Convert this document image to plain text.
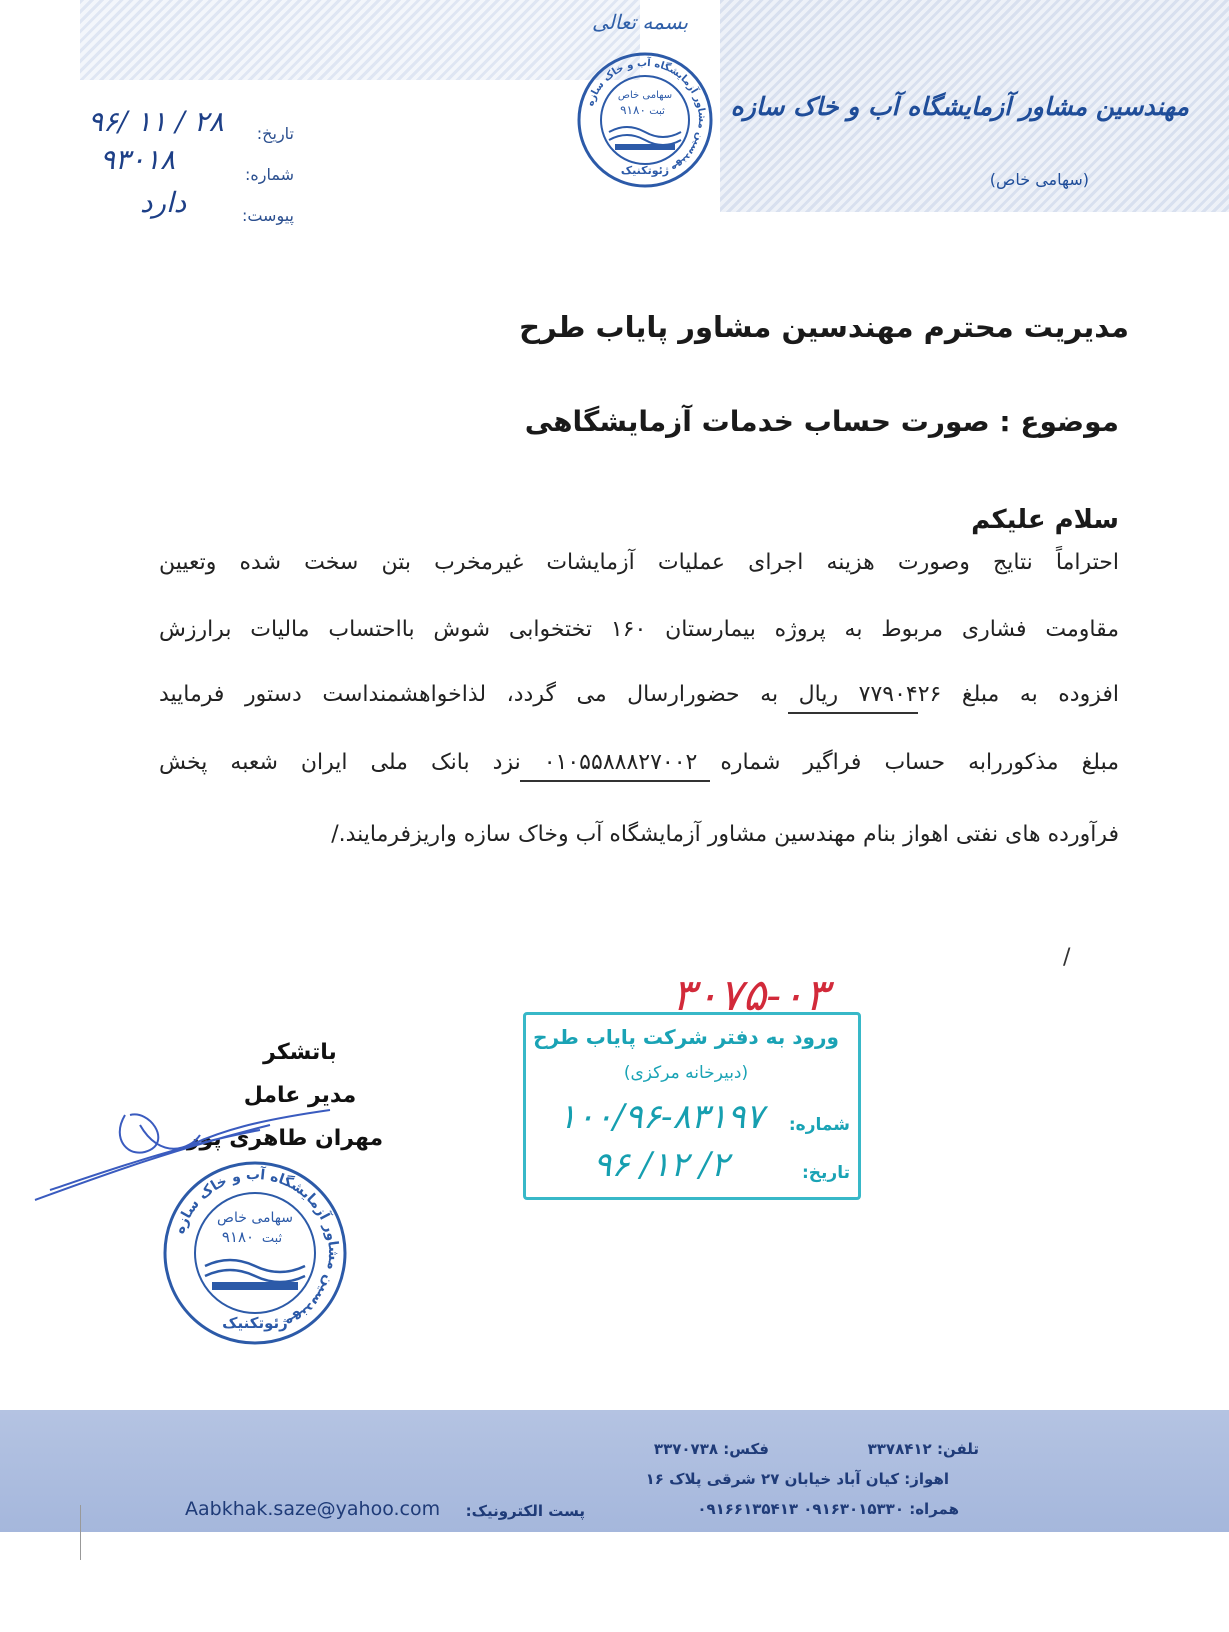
بسمه تعالی
مهندسین مشاور آزمایشگاه آب و خاک سازه
(سهامی خاص)
مهندسین مشاور آزمایشگاه آب و خاک سازه
سهامی خاص
ثبت
۹۱۸۰
ژئوتکنیک
تاریخ:
۹۶/ ۱۱ / ۲۸
شماره:
۹۳۰۱۸
پیوست:
دارد
مدیریت محترم مهندسین مشاور پایاب طرح
موضوع : صورت حساب خدمات آزمایشگاهی
سلام علیکم
احتراماً نتایج وصورت هزینه اجرای عملیات آزمایشات غیرمخرب بتن سخت شده وتعیین
مقاومت فشاری مربوط به پروژه بیمارستان ۱۶۰ تختخوابی شوش بااحتساب مالیات برارزش
افزوده به مبلغ ۷۷۹۰۴۲۶ ریال به حضورارسال می گردد، لذاخواهشمنداست دستور فرمایید
مبلغ مذکوررابه حساب فراگیر شماره ۰۱۰۵۵۸۸۸۲۷۰۰۲ نزد بانک ملی ایران شعبه پخش
فرآورده های نفتی اهواز بنام مهندسین مشاور آزمایشگاه آب وخاک سازه واریزفرمایند./
/
باتشکر
مدیر عامل
مهران طاهری پور
مهندسین مشاور آزمایشگاه آب و خاک سازه
سهامی خاص
ثبت
۹۱۸۰
ژئوتکنیک
۳۰۷۵-۰۳
ورود به دفتر شرکت پایاب طرح
(دبیرخانه مرکزی)
شماره:
۱۰۰/۹۶-۸۳۱۹۷
تاریخ:
۹۶ /۱۲ /۲
تلفن: ۳۳۷۸۴۱۲
فکس: ۳۳۷۰۷۳۸
اهواز: کیان آباد خیابان ۲۷ شرقی پلاک ۱۶
همراه: ۰۹۱۶۳۰۱۵۳۳۰ ۰۹۱۶۶۱۳۵۴۱۳
پست الکترونیک:
Aabkhak.saze@yahoo.com
